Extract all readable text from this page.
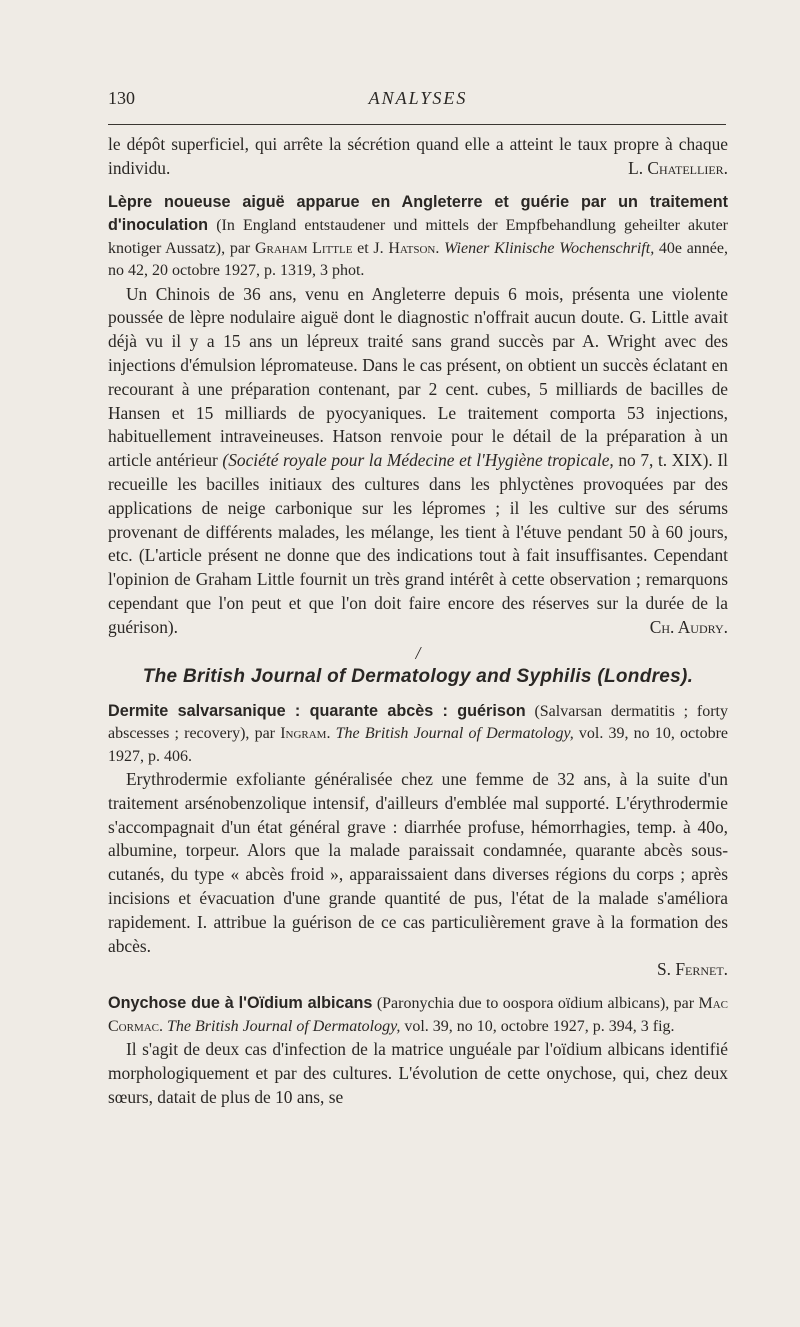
130	ANALYSES

le dépôt superficiel, qui arrête la sécrétion quand elle a atteint le taux propre à chaque individu.	L. Chatellier.

Lèpre noueuse aiguë apparue en Angleterre et guérie par un traitement d'inoculation (In England entstaudener und mittels der Empfbehandlung geheilter akuter knotiger Aussatz), par Graham Little et J. Hatson. Wiener Klinische Wochenschrift, 40e année, no 42, 20 octobre 1927, p. 1319, 3 phot.

Un Chinois de 36 ans, venu en Angleterre depuis 6 mois, présenta une violente poussée de lèpre nodulaire aiguë dont le diagnostic n'offrait aucun doute. G. Little avait déjà vu il y a 15 ans un lépreux traité sans grand succès par A. Wright avec des injections d'émulsion lépromateuse. Dans le cas présent, on obtient un succès éclatant en recourant à une préparation contenant, par 2 cent. cubes, 5 milliards de bacilles de Hansen et 15 milliards de pyocyaniques. Le traitement comporta 53 injections, habituellement intraveineuses. Hatson renvoie pour le détail de la préparation à un article antérieur (Société royale pour la Médecine et l'Hygiène tropicale, no 7, t. XIX). Il recueille les bacilles initiaux des cultures dans les phlyctènes provoquées par des applications de neige carbonique sur les lépromes ; il les cultive sur des sérums provenant de différents malades, les mélange, les tient à l'étuve pendant 50 à 60 jours, etc. (L'article présent ne donne que des indications tout à fait insuffisantes. Cependant l'opinion de Graham Little fournit un très grand intérêt à cette observation ; remarquons cependant que l'on peut et que l'on doit faire encore des réserves sur la durée de la guérison).	Ch. Audry.

/

The British Journal of Dermatology and Syphilis (Londres).

Dermite salvarsanique : quarante abcès : guérison (Salvarsan dermatitis ; forty abscesses ; recovery), par Ingram. The British Journal of Dermatology, vol. 39, no 10, octobre 1927, p. 406.

Erythrodermie exfoliante généralisée chez une femme de 32 ans, à la suite d'un traitement arsénobenzolique intensif, d'ailleurs d'emblée mal supporté. L'érythrodermie s'accompagnait d'un état général grave : diarrhée profuse, hémorrhagies, temp. à 40o, albumine, torpeur. Alors que la malade paraissait condamnée, quarante abcès sous-cutanés, du type « abcès froid », apparaissaient dans diverses régions du corps ; après incisions et évacuation d'une grande quantité de pus, l'état de la malade s'améliora rapidement. I. attribue la guérison de ce cas particulièrement grave à la formation des abcès.

S. Fernet.

Onychose due à l'Oïdium albicans (Paronychia due to oospora oïdium albicans), par Mac Cormac. The British Journal of Dermatology, vol. 39, no 10, octobre 1927, p. 394, 3 fig.

Il s'agit de deux cas d'infection de la matrice unguéale par l'oïdium albicans identifié morphologiquement et par des cultures. L'évolution de cette onychose, qui, chez deux sœurs, datait de plus de 10 ans, se
